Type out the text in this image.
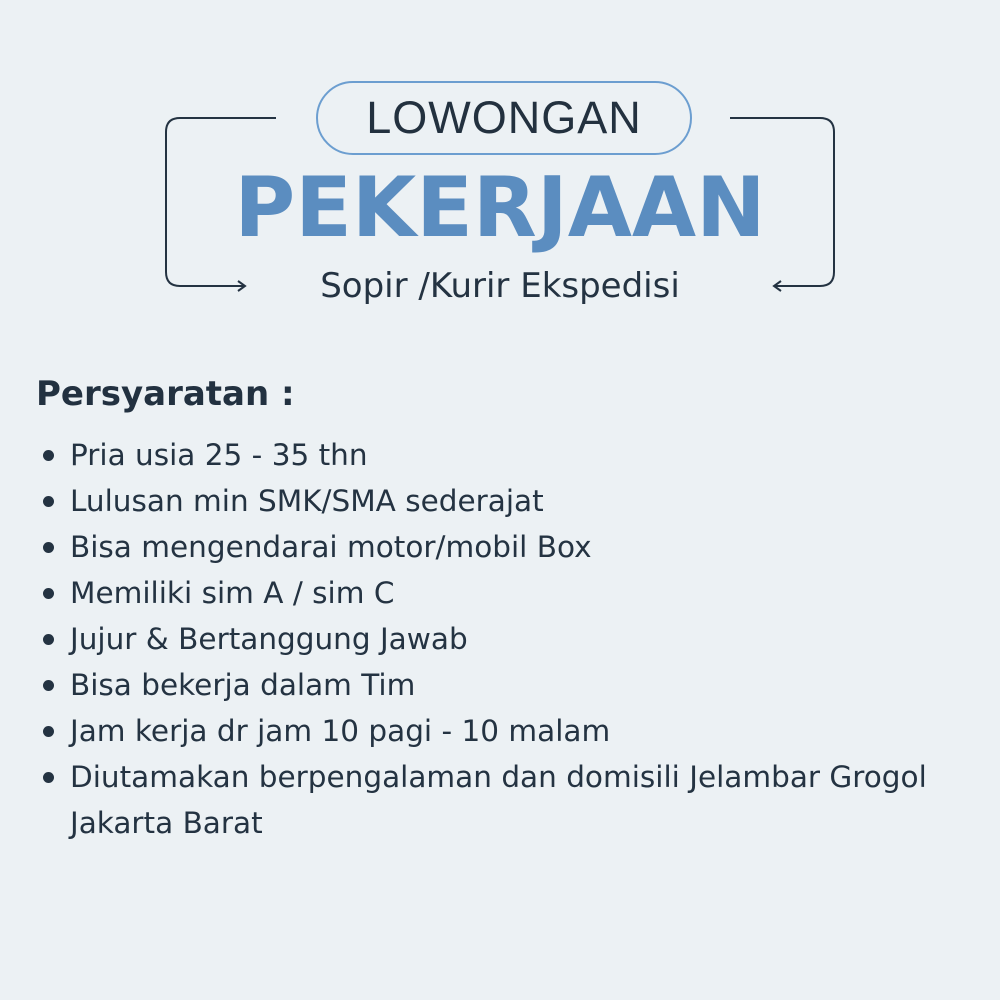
LOWONGAN
PEKERJAAN
Sopir /Kurir Ekspedisi
Persyaratan :
Pria usia 25 - 35 thn
Lulusan min SMK/SMA sederajat
Bisa mengendarai motor/mobil Box
Memiliki sim A / sim C
Jujur & Bertanggung Jawab
Bisa bekerja dalam Tim
Jam kerja dr jam 10 pagi - 10 malam
Diutamakan berpengalaman dan domisili Jelambar Grogol Jakarta Barat
